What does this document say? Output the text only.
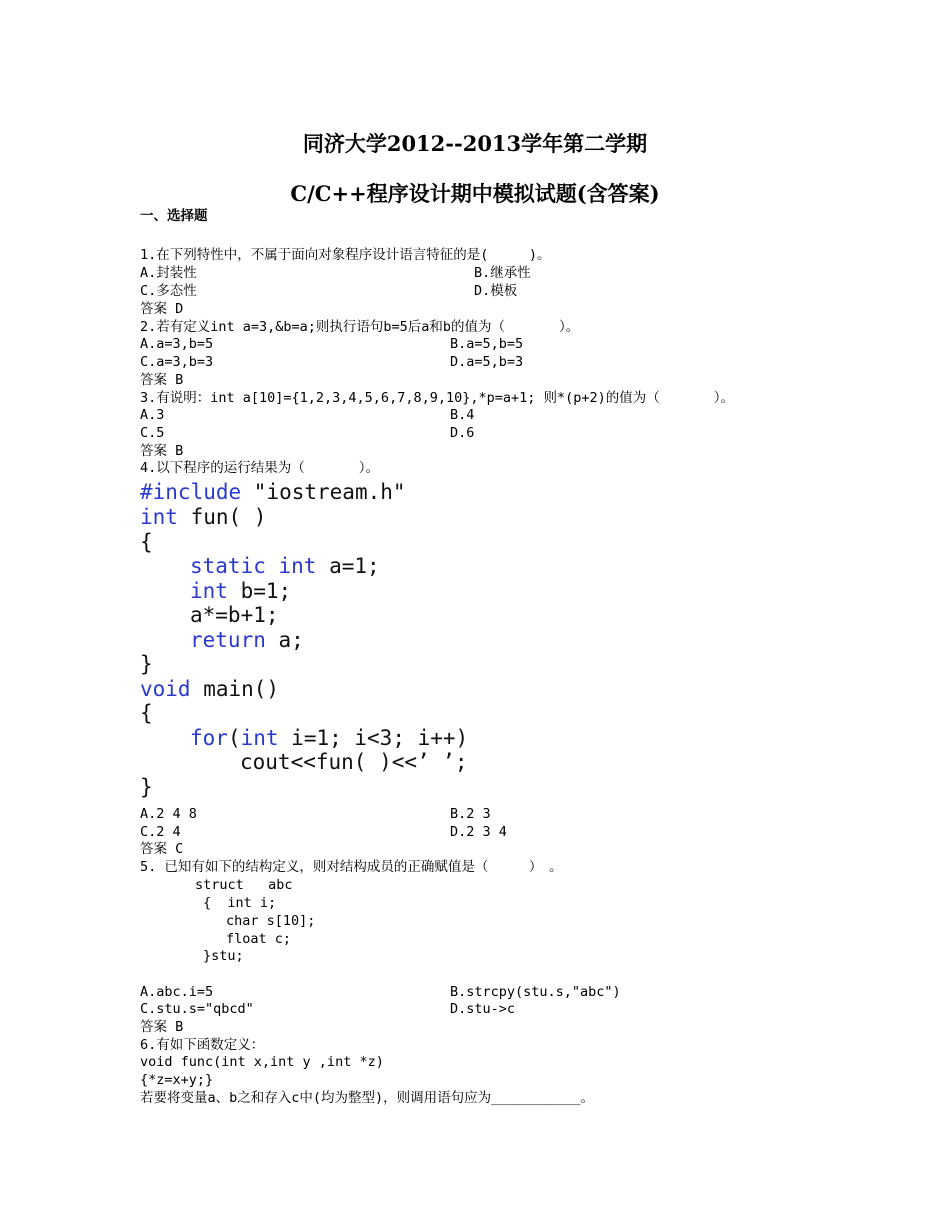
同济大学2012--2013学年第二学期
C/C++程序设计期中模拟试题(含答案)
一、选择题
1.在下列特性中，不属于面向对象程序设计语言特征的是(　　　)。
A.封装性	B.继承性
C.多态性	D.模板
答案 D
2.若有定义int a=3,&b=a;则执行语句b=5后a和b的值为（　　　　）。
A.a=3,b=5	B.a=5,b=5
C.a=3,b=3	D.a=5,b=3
答案 B
3.有说明：int a[10]={1,2,3,4,5,6,7,8,9,10},*p=a+1; 则*(p+2)的值为（　　　　）。
A.3	B.4
C.5	D.6
答案 B
4.以下程序的运行结果为（　　　　）。
#include "iostream.h"
int fun( )
{
static int a=1;
int b=1;
a*=b+1;
return a;
}
void main()
{
for(int i=1; i<3; i++)
cout<<fun( )<<’ ’;
}
A.2 4 8	B.2 3
C.2 4	D.2 3 4
答案 C
5. 已知有如下的结构定义，则对结构成员的正确赋值是（　　　）　。
struct   abc
{  int i;
char s[10];
float c;
}stu;
A.abc.i=5	B.strcpy(stu.s,"abc")
C.stu.s="qbcd"	D.stu->c
答案 B
6.有如下函数定义：
void func(int x,int y ,int *z)
{*z=x+y;}
若要将变量a、b之和存入c中(均为整型)，则调用语句应为___________。
